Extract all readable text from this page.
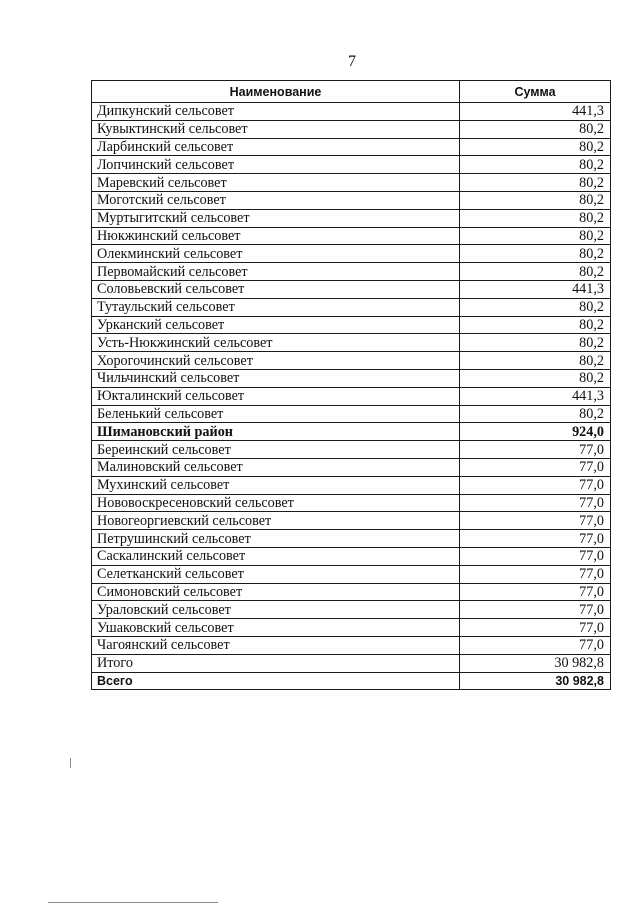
7
Наименование	Сумма
Дипкунский сельсовет	441,3
Кувыктинский сельсовет	80,2
Ларбинский сельсовет	80,2
Лопчинский сельсовет	80,2
Маревский сельсовет	80,2
Моготский сельсовет	80,2
Муртыгитский сельсовет	80,2
Нюкжинский сельсовет	80,2
Олекминский сельсовет	80,2
Первомайский сельсовет	80,2
Соловьевский сельсовет	441,3
Тутаульский сельсовет	80,2
Урканский сельсовет	80,2
Усть-Нюкжинский сельсовет	80,2
Хорогочинский сельсовет	80,2
Чильчинский сельсовет	80,2
Юкталинский сельсовет	441,3
Беленький сельсовет	80,2
Шимановский район	924,0
Береинский сельсовет	77,0
Малиновский сельсовет	77,0
Мухинский сельсовет	77,0
Нововоскресеновский сельсовет	77,0
Новогеоргиевский сельсовет	77,0
Петрушинский сельсовет	77,0
Саскалинский сельсовет	77,0
Селетканский сельсовет	77,0
Симоновский сельсовет	77,0
Ураловский сельсовет	77,0
Ушаковский сельсовет	77,0
Чагоянский сельсовет	77,0
Итого	30 982,8
Всего	30 982,8
